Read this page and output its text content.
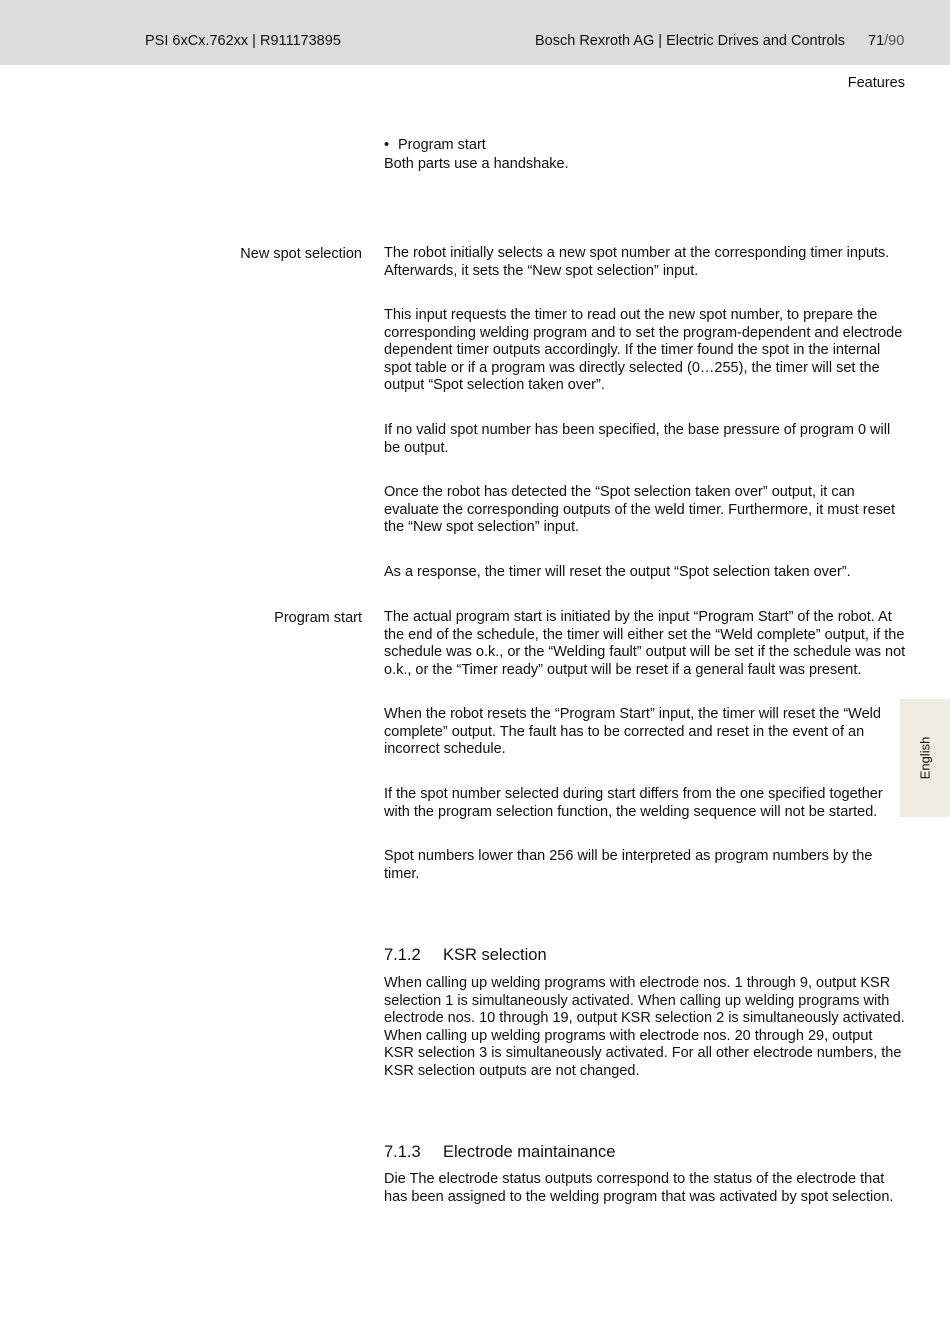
PSI 6xCx.762xx | R911173895	Bosch Rexroth AG | Electric Drives and Controls 71/90
Features
• Program start
Both parts use a handshake.
New spot selection The robot initially selects a new spot number at the corresponding timer inputs. Afterwards, it sets the “New spot selection” input.
This input requests the timer to read out the new spot number, to prepare the corresponding welding program and to set the program-dependent and electrode dependent timer outputs accordingly. If the timer found the spot in the internal spot table or if a program was directly selected (0…255), the timer will set the output “Spot selection taken over”.
If no valid spot number has been specified, the base pressure of program 0 will be output.
Once the robot has detected the “Spot selection taken over” output, it can evaluate the corresponding outputs of the weld timer. Furthermore, it must reset the “New spot selection” input.
As a response, the timer will reset the output “Spot selection taken over”.
Program start The actual program start is initiated by the input “Program Start” of the robot. At the end of the schedule, the timer will either set the “Weld complete” output, if the schedule was o.k., or the “Welding fault” output will be set if the schedule was not o.k., or the “Timer ready” output will be reset if a general fault was present.
When the robot resets the “Program Start” input, the timer will reset the “Weld complete” output. The fault has to be corrected and reset in the event of an incorrect schedule.
If the spot number selected during start differs from the one specified together with the program selection function, the welding sequence will not be started.
Spot numbers lower than 256 will be interpreted as program numbers by the timer.
7.1.2 KSR selection
When calling up welding programs with electrode nos. 1 through 9, output KSR selection 1 is simultaneously activated. When calling up welding programs with electrode nos. 10 through 19, output KSR selection 2 is simultaneously activated. When calling up welding programs with electrode nos. 20 through 29, output KSR selection 3 is simultaneously activated. For all other electrode numbers, the KSR selection outputs are not changed.
7.1.3 Electrode maintainance
Die The electrode status outputs correspond to the status of the electrode that has been assigned to the welding program that was activated by spot selection.
English
